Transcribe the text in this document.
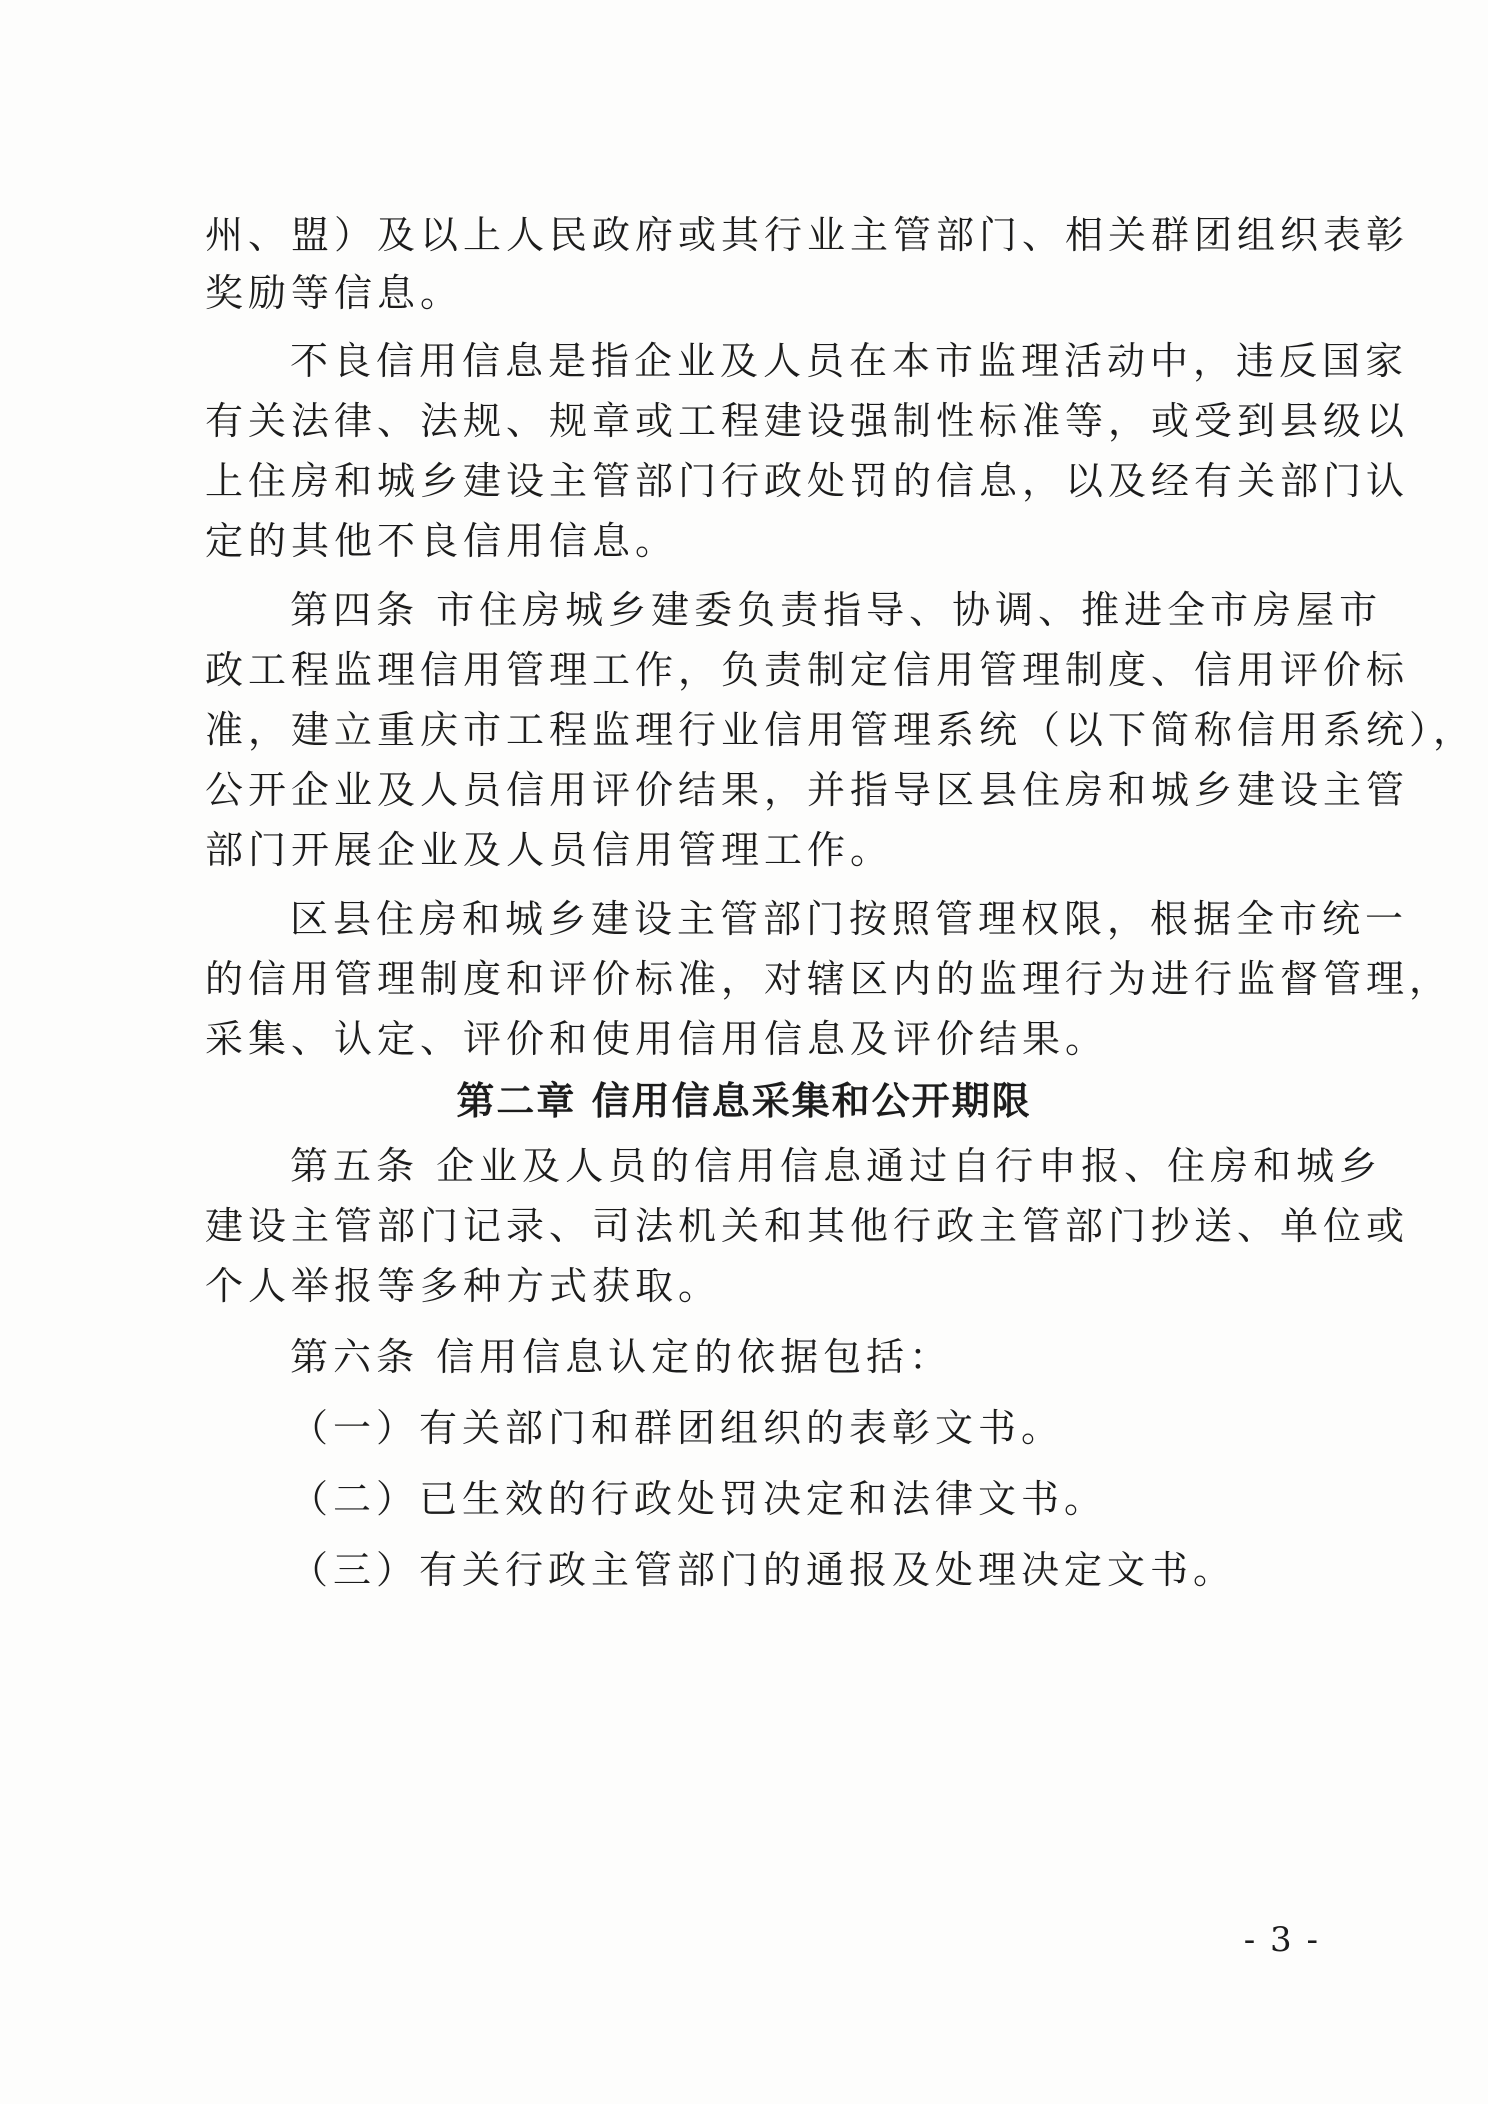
州、盟）及以上人民政府或其行业主管部门、相关群团组织表彰
奖励等信息。
不良信用信息是指企业及人员在本市监理活动中，违反国家
有关法律、法规、规章或工程建设强制性标准等，或受到县级以
上住房和城乡建设主管部门行政处罚的信息，以及经有关部门认
定的其他不良信用信息。
第四条 市住房城乡建委负责指导、协调、推进全市房屋市
政工程监理信用管理工作，负责制定信用管理制度、信用评价标
准，建立重庆市工程监理行业信用管理系统（以下简称信用系统），
公开企业及人员信用评价结果，并指导区县住房和城乡建设主管
部门开展企业及人员信用管理工作。
区县住房和城乡建设主管部门按照管理权限，根据全市统一
的信用管理制度和评价标准，对辖区内的监理行为进行监督管理，
采集、认定、评价和使用信用信息及评价结果。
第二章 信用信息采集和公开期限
第五条 企业及人员的信用信息通过自行申报、住房和城乡
建设主管部门记录、司法机关和其他行政主管部门抄送、单位或
个人举报等多种方式获取。
第六条 信用信息认定的依据包括：
（一）有关部门和群团组织的表彰文书。
（二）已生效的行政处罚决定和法律文书。
（三）有关行政主管部门的通报及处理决定文书。
- 3 -
